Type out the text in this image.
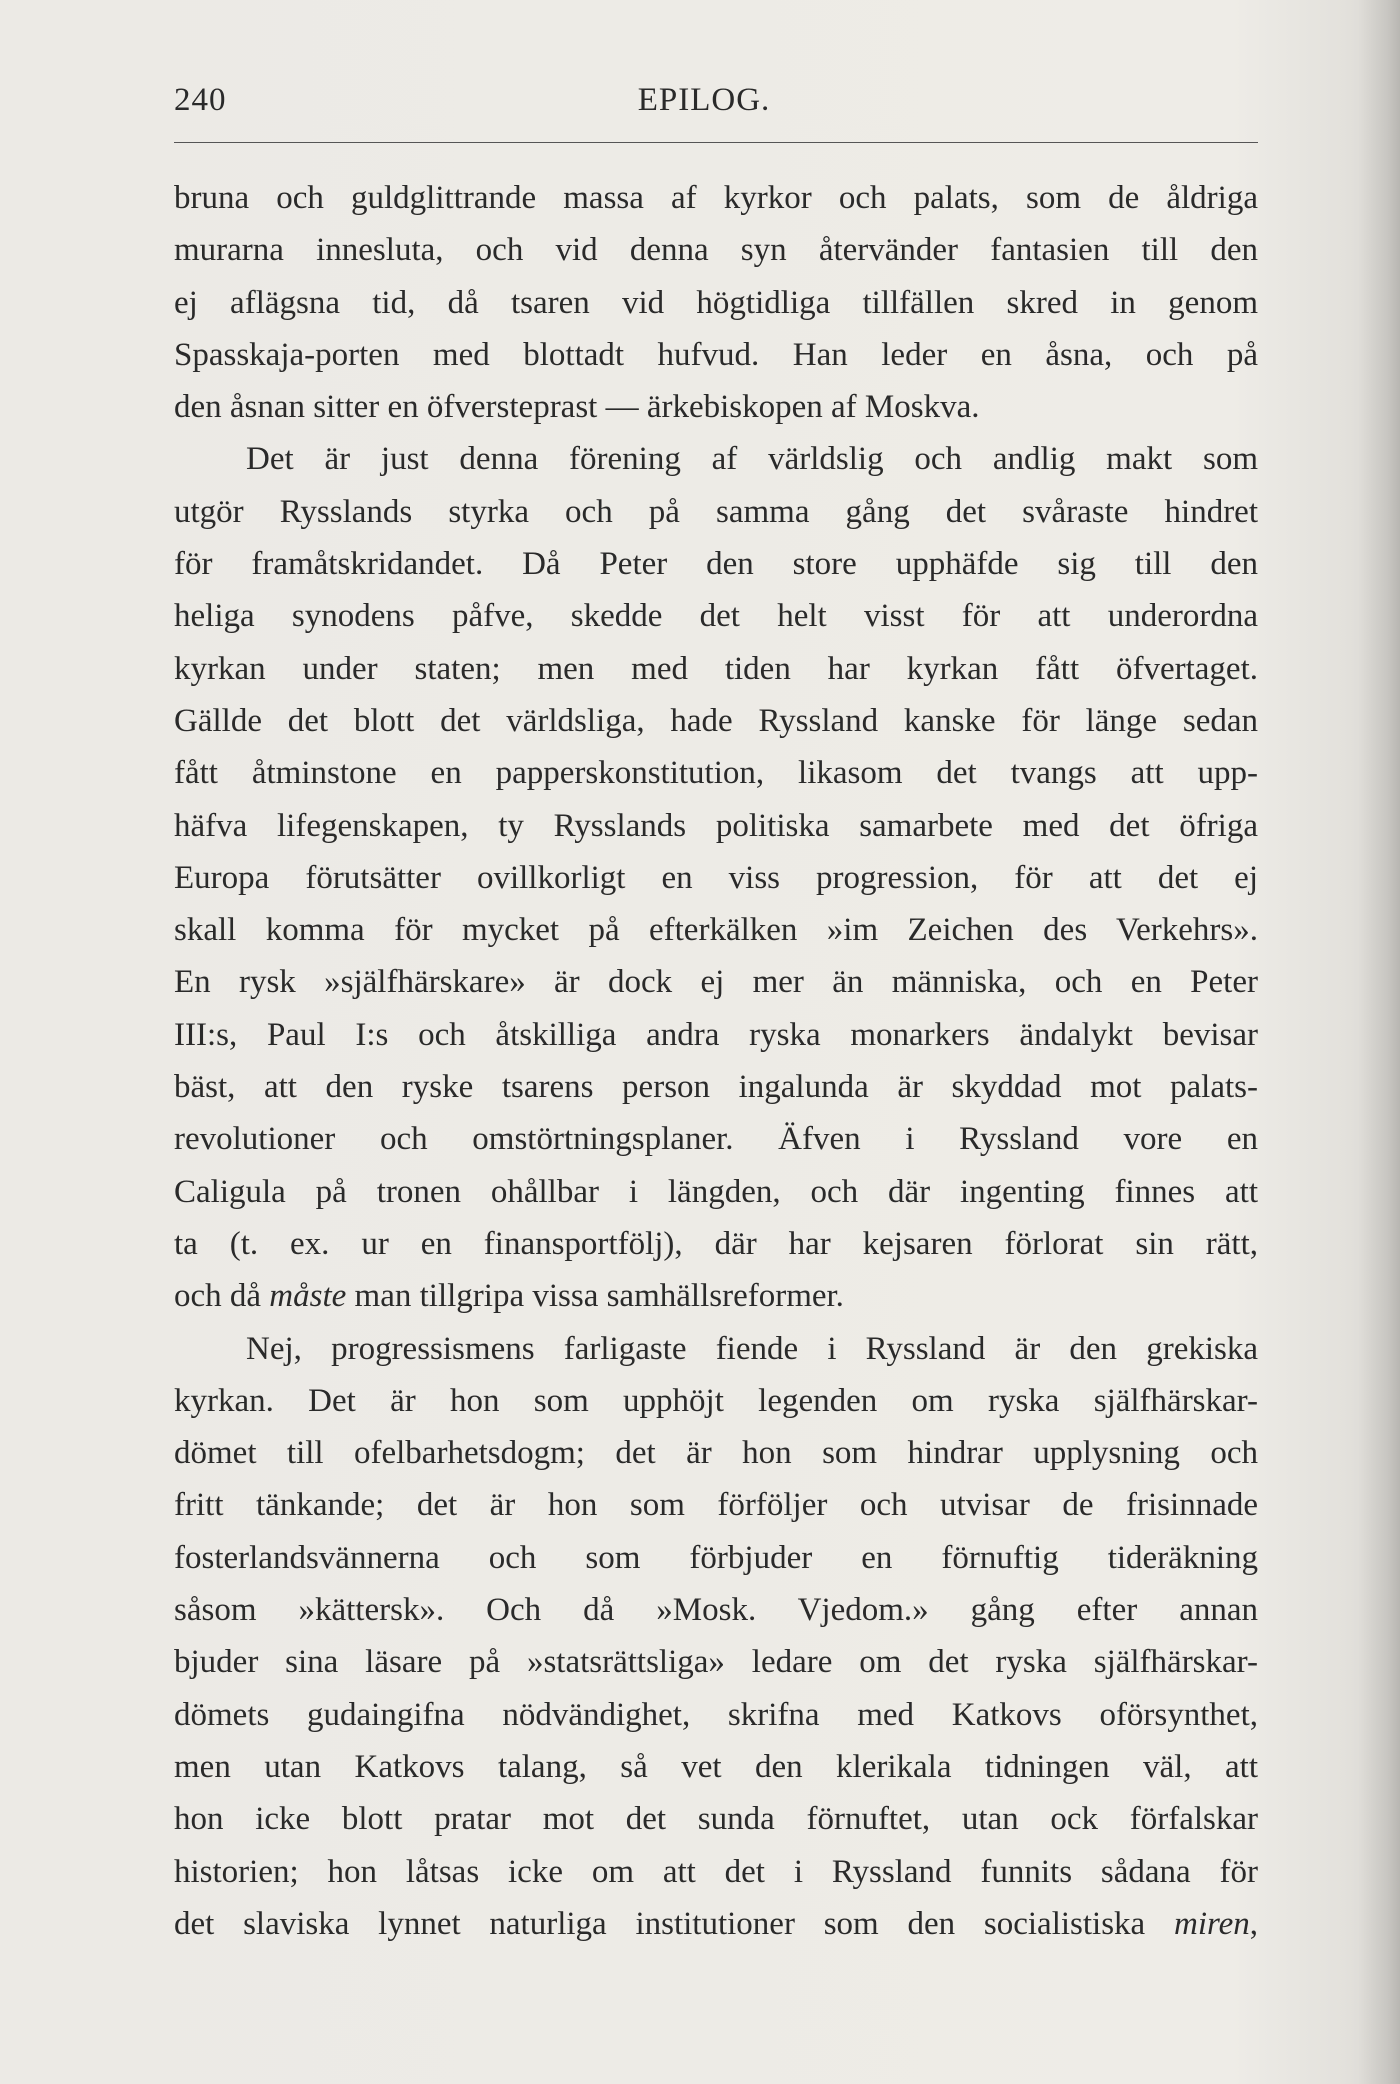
240	EPILOG.
bruna och guldglittrande massa af kyrkor och palats, som de åldriga
murarna inneslutа, och vid denna syn återvänder fantasien till den
ej aflägsna tid, då tsaren vid högtidliga tillfällen skred in genom
Spasskaja-porten med blottadt hufvud. Han leder en åsna, och på
den åsnan sitter en öfversteprast — ärkebiskopen af Moskva.
Det är just denna förening af världslig och andlig makt som
utgör Rysslands styrka och på samma gång det svåraste hindret
för framåtskridandet. Då Peter den store upphäfde sig till den
heliga synodens påfve, skedde det helt visst för att underordna
kyrkan under staten; men med tiden har kyrkan fått öfvertaget.
Gällde det blott det världsliga, hade Ryssland kanske för länge sedan
fått åtminstone en papperskonstitution, likasom det tvangs att upp-
häfva lifegenskapen, ty Rysslands politiska samarbete med det öfriga
Europa förutsätter ovillkorligt en viss progression, för att det ej
skall komma för mycket på efterkälken »im Zeichen des Verkehrs».
En rysk »själfhärskare» är dock ej mer än människa, och en Peter
III:s, Paul I:s och åtskilliga andra ryska monarkers ändalykt bevisar
bäst, att den ryske tsarens person ingalunda är skyddad mot palats-
revolutioner och omstörtningsplaner. Äfven i Ryssland vore en
Caligula på tronen ohållbar i längden, och där ingenting finnes att
ta (t. ex. ur en finansportfölj), där har kejsaren förlorat sin rätt,
och då måste man tillgripa vissa samhällsreformer.
Nej, progressismens farligaste fiende i Ryssland är den grekiska
kyrkan. Det är hon som upphöjt legenden om ryska själfhärskar-
dömet till ofelbarhetsdogm; det är hon som hindrar upplysning och
fritt tänkande; det är hon som förföljer och utvisar de frisinnade
fosterlandsvännerna och som förbjuder en förnuftig tideräkning
såsom »kättersk». Och då »Mosk. Vjedom.» gång efter annan
bjuder sina läsare på »statsrättsliga» ledare om det ryska själfhärskar-
dömets gudaingifna nödvändighet, skrifna med Katkovs oförsynthet,
men utan Katkovs talang, så vet den klerikala tidningen väl, att
hon icke blott pratar mot det sunda förnuftet, utan ock förfalskar
historien; hon låtsas icke om att det i Ryssland funnits sådana för
det slaviska lynnet naturliga institutioner som den socialistiska miren,
